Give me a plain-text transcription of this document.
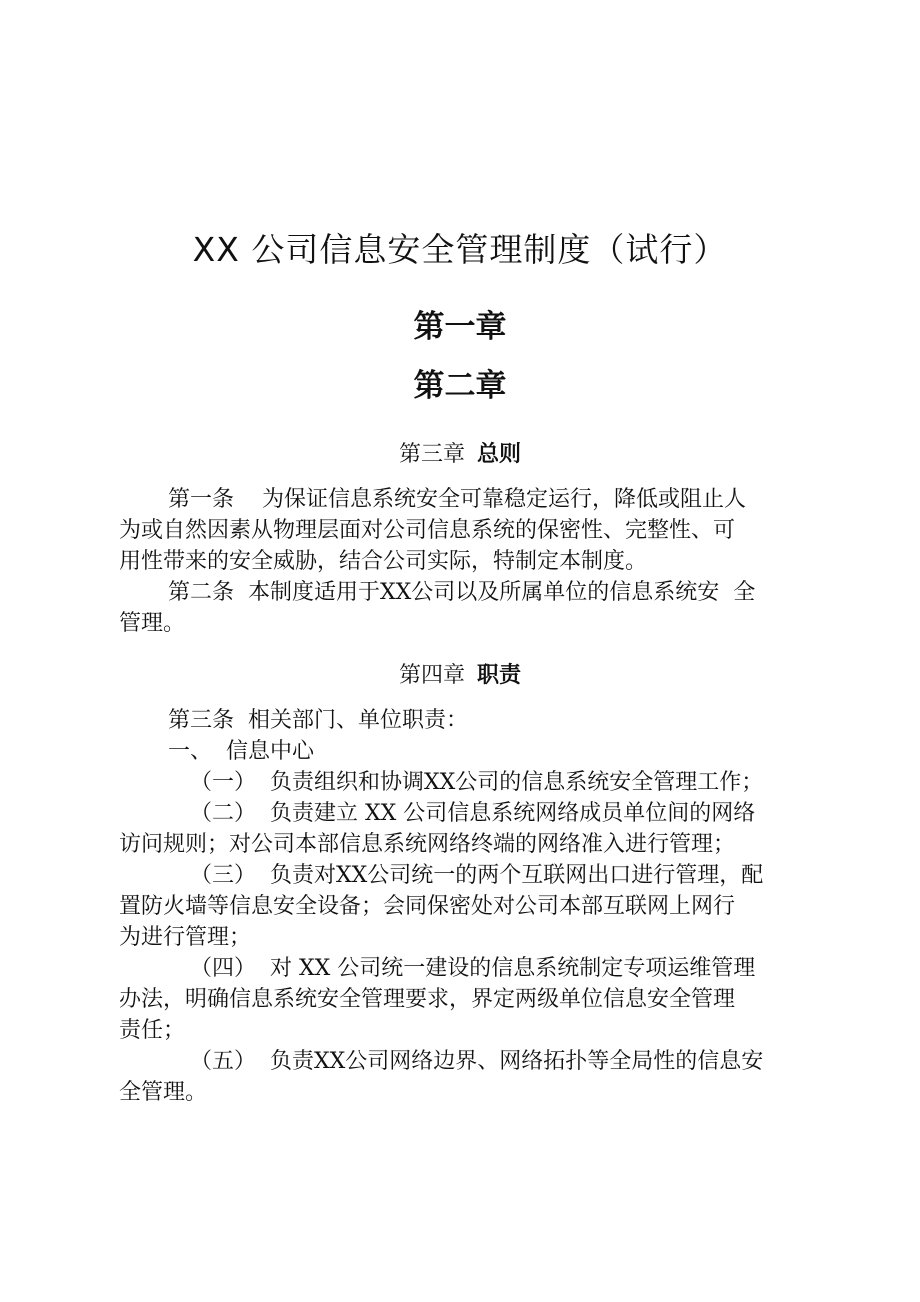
XX 公司信息安全管理制度（试行）
第一章
第二章
第三章 总则
第一条    为保证信息系统安全可靠稳定运行，降低或阻止人
为或自然因素从物理层面对公司信息系统的保密性、完整性、可
用性带来的安全威胁，结合公司实际，特制定本制度。
第二条  本制度适用于XX公司以及所属单位的信息系统安  全
管理。
第四章 职责
第三条  相关部门、单位职责：
一、  信息中心
（一）  负责组织和协调XX公司的信息系统安全管理工作；
（二）  负责建立 XX 公司信息系统网络成员单位间的网络
访问规则；对公司本部信息系统网络终端的网络准入进行管理；
（三）  负责对XX公司统一的两个互联网出口进行管理，配
置防火墙等信息安全设备；会同保密处对公司本部互联网上网行
为进行管理；
（四）  对 XX 公司统一建设的信息系统制定专项运维管理
办法，明确信息系统安全管理要求，界定两级单位信息安全管理
责任；
（五）  负责XX公司网络边界、网络拓扑等全局性的信息安
全管理。
